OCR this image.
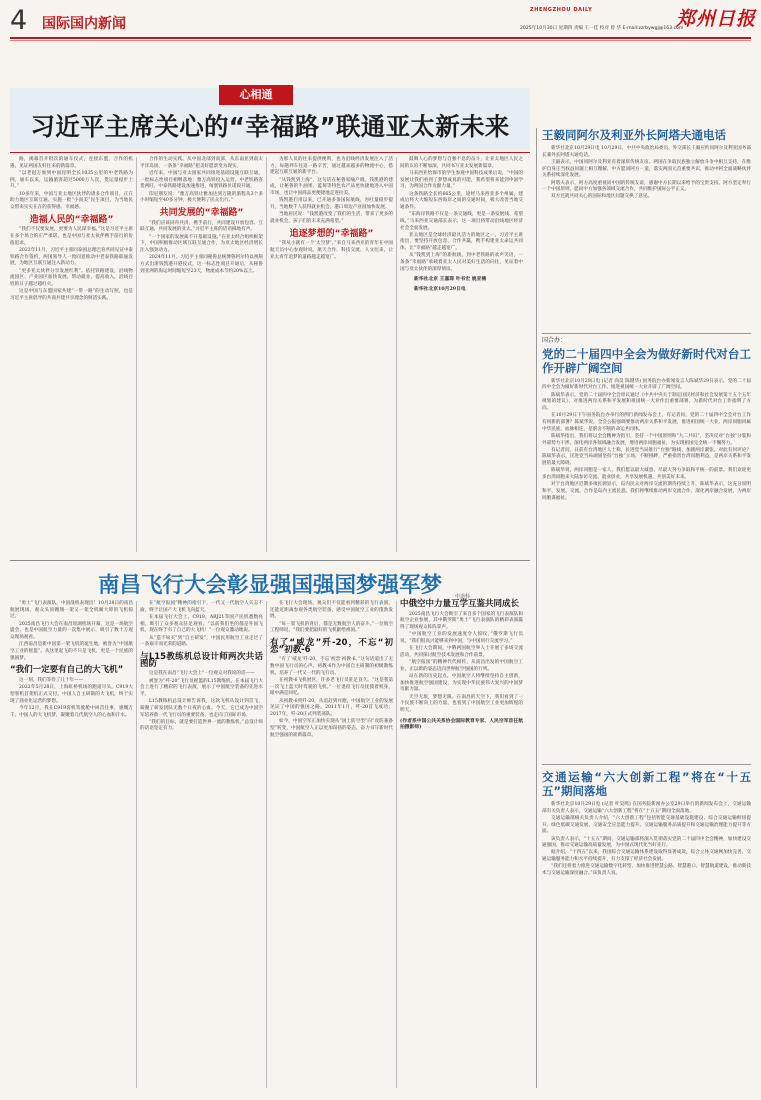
4 国际国内新闻
ZHENGZHOU DAILY	郑州日报
2025年10月30日 星期四 责编 王一佳 校对 曾 华 E-mail:zzrbywgj@163.com
心相通
习近平主席关心的“幸福路”联通亚太新未来

路，揭幕首开批次的通车仪式，连接东盟，合作的机遇，见证两国友好往来的新篇章。

“以老挝万象到中国昆明全长1035公里的中老铁路为例，通车以来，运输旅客超过5000万人次，货运量稳步上升。”

10多年来，中国与亚太地区伙伴的诸多合作项目，正在助力地区互联互通。实施一批“小而美”民生项目，为当地民众带来实实在在的获得感、幸福感。

造福人民的“幸福路”

“我们不仅要发展，更要为人民谋幸福。”这是习近平主席在多个场合的庄严承诺，也是中国与亚太伙伴携手前行的价值追求。

2022年11月，习近平主席同泰国总理巴育共同见证中泰铁路合作签约，两国领导人一致同意推动中老泰铁路联通发展，为地区互联互通注入新动力。

“更多亚太伙伴分享发展红利”。依托铁路建设，沿线物流园区、产业园区加快发展，带动就业、提高收入，沿线百姓的日子越过越红火。

这是中国与东盟国家共建“一带一路”的生动写照，也是习近平主席倡导的共商共建共享理念的鲜活实践。

合作的生动实践。从中国北部到南部，从东南亚到南太平洋岛国，一条条“幸福路”把美好愿景变为现实。

近年来，中国与亚太国家共同推进基础设施互联互通，一批标志性项目相继落地：雅万高铁投入运营，中老铁路客货两旺，中泰铁路建设加速推进，匈塞铁路贝诺段开通。

印尼朋友说：“雅万高铁让雅加达到万隆的旅程从3个多小时缩短至40多分钟，极大便利了民众出行。”

共同发展的“幸福路”

“我们应该同舟共济、携手前行，共同建设开放包容、互联互通、共同发展的亚太。”习近平主席的话语掷地有声。

“一个国家的发展离不开基础设施。”在亚太经合组织框架下，中国积极推动区域互联互通合作，为亚太地区经济增长注入强劲动力。

2024年11月，习近平主席同秘鲁总统博鲁阿尔特以视频方式出席钱凯港开港仪式，这一标志性项目开通后，从秘鲁到亚洲的海运时间缩短至23天，物流成本节约20%以上。

为那人员的往来提供便利，也为沿线经济发展注入了活力。每趟列车往返一路辛苦，通过越来越多的物流中心，搭建起互联互通的新平台。

“从钱凯到上海”，这句话在秘鲁家喻户晓。钱凯港的建成，让秘鲁的牛油果、蓝莓等特色农产品更快捷地进入中国市场，也让中国商品更便捷地走进拉美。

钱凯港启用以来，已开通多条国际航线，吞吐量稳步提升，当地数千人获得就业机会，港口周边产业园加快发展。

当地居民说：“钱凯港改变了我们的生活，带来了更多的就业机会，孩子们的未来充满希望。”

追逐梦想的“幸福路”

“我从小就有一个‘太空梦’。”来自马来西亚的青年在中国航天员中心参观时说。航天合作、科技交流、人文往来，让亚太青年追梦的道路越走越宽广。

鼓舞人心的梦想与自强不息的奋斗，让亚太地区人民之间的友谊不断加深，共同书写亚太发展新篇章。

马来西亚怡保市的学生参观中国科技成果后说，“中国的发展让我们看到了梦想成真的可能，我希望将来能到中国学习，为两国合作贡献力量。”

这条铁路全长约665公里，途经马来西亚多个州属，建成后将大大缩短东西海岸之间的交通时间，极大改善当地交通条件。

“东海岸铁路不仅是一条交通线，更是一条发展线、希望线。”马来西亚交通部长表示，这一项目将带动沿线地区经济社会全面发展。

亚太地区是全球经济最具活力的地区之一。习近平主席指出，要坚持开放包容、合作共赢，携手构建亚太命运共同体，让“幸福路”越走越宽广。

从“钱凯到上海”的新航线，到中老铁路的欢声笑语，一条条“幸福路”承载着亚太人民对美好生活的向往，见证着中国与亚太伙伴的深厚情谊。

新华社北京 王嘉琛 叶书宏 姚亚楠
新华社北京10月29日电
王毅同阿尔及利亚外长阿塔夫通电话

新华社北京10月29日电 10月29日，中共中央政治局委员、外交部长王毅应约同阿尔及利亚国务部长兼外长阿塔夫通电话。

王毅表示，中国同阿尔及利亚有着深厚传统友谊。两国在争取民族独立解放斗争中相互支持，在维护自身正当权益问题上相互理解，中方愿同阿方一道，落实两国元首重要共识，推动中阿全面战略伙伴关系持续深化发展。

阿塔夫表示，阿方高度重视同中国的传统友谊，感谢中方长期以来给予的宝贵支持。阿方坚定奉行一个中国原则，愿同中方加强各领域交流合作，共同维护国际公平正义。

双方还就共同关心的国际和地区问题交换了意见。

国合办：
党的二十届四中全会为做好新时代对台工作开辟广阔空间

新华社北京10月29日电 (记者 尚昊 陈键华) 国务院台办新闻发言人陈斌华29日表示，党的二十届四中全会为做好新时代对台工作、推进祖国统一大业开辟了广阔空间。

陈斌华表示，党的二十届四中全会审议通过《中共中央关于制定国民经济和社会发展第十五个五年规划的建议》，对推进两岸关系和平发展和祖国统一大业作出重要部署，为新时代对台工作指明了方向。

在10月29日下午国务院台办举行的例行新闻发布会上，有记者问，党的二十届四中全会对台工作有何新的部署？陈斌华说，全会公报强调要推动两岸关系和平发展，推进祖国统一大业。两岸同胞同属中华民族，血脉相连，是割舍不断的命运共同体。

陈斌华指出，我们将以全会精神为指引，坚持一个中国原则和“九二共识”，坚决反对“台独”分裂和外部势力干涉，深化两岸各领域融合发展，增进两岸同胞福祉，为实现祖国完全统一不懈努力。

有记者问，日前有台湾地区人士称，民进党当局推行“台独”路线，加剧两岸紧张。对此有何评论？陈斌华表示，民进党当局顽固坚持“台独”立场，不断挑衅，严重损害台湾同胞利益，是两岸关系和平发展的最大障碍。

陈斌华说，两岸同胞是一家人，我们愿以最大诚意、尽最大努力争取和平统一的前景。我们欢迎更多台湾同胞来大陆参访交流、就业创业，共享发展机遇，共创美好未来。

对于台湾地区近期多项民调显示，岛内民众对两岸交流的期待持续上升，陈斌华表示，这充分说明和平、发展、交流、合作是岛内主流民意。我们将继续推动两岸交流合作，深化两岸融合发展，为两岸同胞谋福祉。

交通运输“六大创新工程”将在“十五五”期间落地

新华社北京10月29日电 (记者 叶昊鸣) 在国务院新闻办公室29日举行的新闻发布会上，交通运输部有关负责人表示，交通运输“六大创新工程”将在“十五五”期间全面落地。

交通运输部相关负责人介绍，“六大创新工程”包括智能交通基础设施建设、综合交通运输枢纽提升、绿色低碳交通发展、交通安全应急能力提升、交通运输服务品质提升和交通运输治理能力提升等方面。

该负责人表示，“十五五”期间，交通运输部将深入贯彻落实党的二十届四中全会精神，加快建设交通强国，推动交通运输高质量发展，为中国式现代化当好先行。

据介绍，“十四五”以来，我国综合交通运输体系建设取得显著成效，综合立体交通网加快完善，交通运输服务能力和水平持续提升，有力支撑了经济社会发展。

“我们还将着力推进交通运输数字化转型，加快推进智慧公路、智慧港口、智慧航道建设，推动新技术与交通运输深度融合。”该负责人说。

南昌飞行大会彰显强国强国梦强军梦	申道科

“勇士”飞行表演队，中国战机表现出！10月28日的南昌航展现场，观众头顶翱翔一架又一架全机翼大仰的飞机掠过。

2025南昌飞行大会在南昌瑶湖机场开幕，这是一场航空盛会，也是中国航空力量的一次集中展示，吸引了数十万观众现场观看。

江西南昌是新中国第一架飞机的诞生地，被誉为“中国航空工业的摇篮”。从这里起飞的不只是飞机，更是一个民族的强国梦。

“我们一定要有自己的大飞机”

这一刻，我们等待了几十年——

2022年5月28日，上海虹桥机场的跑道尽头，C919大型客机首架机正式交付。中国人自主研制的大飞机，终于实现了商业化运营的梦想。

今年12月，我在C919客机驾驶舱中回首往事，感慨万千。中国人的大飞机梦，凝聚着几代航空人的心血和汗水。

在“航空报国”精神的指引下，一代又一代航空人矢志不渝，终于让国产大飞机飞向蓝天。

在本届飞行大会上，C919、ARJ21等国产民机悉数亮相，吸引了众多观众驻足观看。“以前我们坐的都是外国飞机，现在终于有了自己的大飞机！”一位观众激动地说。

从“造不如买”到“自主研发”，中国民用航空工业走过了一条艰辛而光荣的道路。

与L15教练机总设计师两次共话图防

这是我在南昌“飞行大会上”一位观众对我说的话——

被誉为“歼-20”飞行员摇篮的L15教练机，在本届飞行大会上进行了精彩的飞行表演，展示了中国航空装备的先进水平。

L15教练机总设计师告诉我，这款飞机从设计到首飞，凝聚了研发团队无数个日夜的心血。今天，它已成为中国空军培养新一代飞行员的重要装备，也走向了国际市场。

“我们的目标，就是要打造世界一流的教练机。”总设计师的话语坚定有力。

在飞行大会现场，观众们不仅能看到精彩的飞行表演，还能近距离参观各类航空装备，感受中国航空工业的蓬勃发展。

“每一架飞机的背后，都是无数航空人的奋斗。”一位航空工程师说，“我们要把最好的飞机献给祖国。”

有了“威龙”歼-20，不忘“初恋”初教-6

“有了‘威龙’歼-20，不忘‘初恋’初教-6。”这句话道出了无数中国飞行员的心声。初教-6作为中国自主研制的初级教练机，培养了一代又一代的飞行员。

在初教-6飞机展区，许多老飞行员驻足良久。“这是我第一次飞上蓝天时驾驶的飞机。”一位退役飞行员抚摸着机身，眼中满是回忆。

从初教-6到歼-20，从追赶到并跑，中国航空工业的发展见证了中国的强国之路。2011年1月，歼-20首飞成功；2017年，歼-20正式列装部队。

如今，中国空军正加快实现从“国土防空型”向“攻防兼备型”转变，中国航空人正以更加昂扬的姿态，奋力书写新时代航空强国的崭新篇章。

中俄空中力量互学互鉴共同成长

2025南昌飞行大会吸引了来自多个国家的飞行表演队和航空企业参展，其中俄罗斯“勇士”飞行表演队的精彩表演赢得了现场观众阵阵掌声。

“中国航空工业的发展速度令人惊叹。”俄罗斯飞行员说，“我们很高兴能够来到中国，与中国同行交流学习。”

在飞行大会期间，中俄两国航空界人士开展了多场交流活动，共同探讨航空技术发展和合作前景。

“航空报国”的精神代代相传。从南昌出发的中国航空工业，正以新的姿态迈向世界航空强国的行列。

站在新的历史起点，中国航空人将继续坚持自主创新，加快推进航空强国建设，为实现中华民族伟大复兴的中国梦贡献力量。

天空无垠，梦想无限。在南昌的天空下，我们看到了一个民族不断向上的力量，也看到了中国航空工业更加辉煌的明天。

(作者系中国公共关系协会国际教育专家、人民空军首任航拍摄影师)
